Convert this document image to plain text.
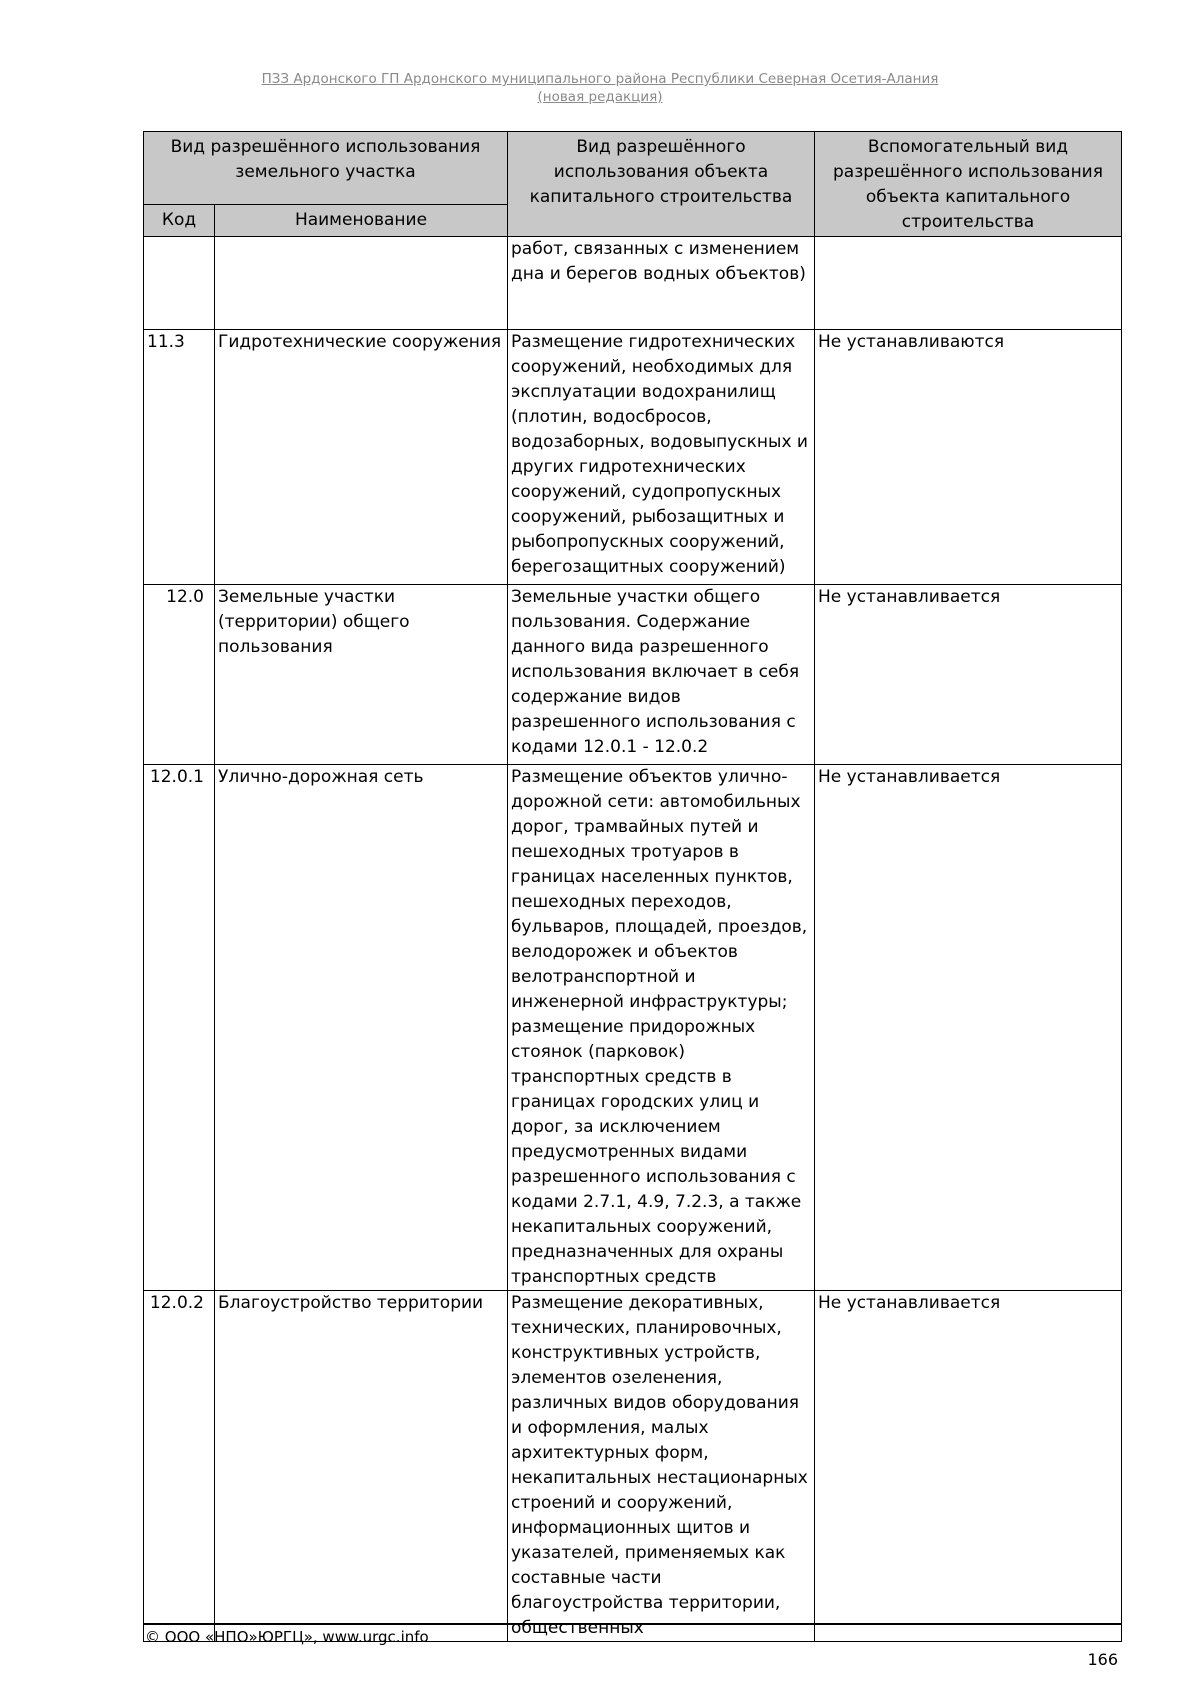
ПЗЗ Ардонского ГП Ардонского муниципального района Республики Северная Осетия-Алания
(новая редакция)
Вид разрешённого использования земельного участка		Вид разрешённого использования объекта капитального строительства	Вспомогательный вид разрешённого использования объекта капитального строительства
Код	Наименование		
		работ, связанных с изменением дна и берегов водных объектов)	
11.3	Гидротехнические сооружения	Размещение гидротехнических сооружений, необходимых для эксплуатации водохранилищ (плотин, водосбросов, водозаборных, водовыпускных и других гидротехнических сооружений, судопропускных сооружений, рыбозащитных и рыбопропускных сооружений, берегозащитных сооружений)	Не устанавливаются
12.0	Земельные участки (территории) общего пользования	Земельные участки общего пользования. Содержание данного вида разрешенного использования включает в себя содержание видов разрешенного использования с кодами 12.0.1 - 12.0.2	Не устанавливается
12.0.1	Улично-дорожная сеть	Размещение объектов улично-дорожной сети: автомобильных дорог, трамвайных путей и пешеходных тротуаров в границах населенных пунктов, пешеходных переходов, бульваров, площадей, проездов, велодорожек и объектов велотранспортной и инженерной инфраструктуры; размещение придорожных стоянок (парковок) транспортных средств в границах городских улиц и дорог, за исключением предусмотренных видами разрешенного использования с кодами 2.7.1, 4.9, 7.2.3, а также некапитальных сооружений, предназначенных для охраны транспортных средств	Не устанавливается
12.0.2	Благоустройство территории	Размещение декоративных, технических, планировочных, конструктивных устройств, элементов озеленения, различных видов оборудования и оформления, малых архитектурных форм, некапитальных нестационарных строений и сооружений, информационных щитов и указателей, применяемых как составные части благоустройства территории, общественных	Не устанавливается
© ООО «НПО»ЮРГЦ», www.urgc.info
166
